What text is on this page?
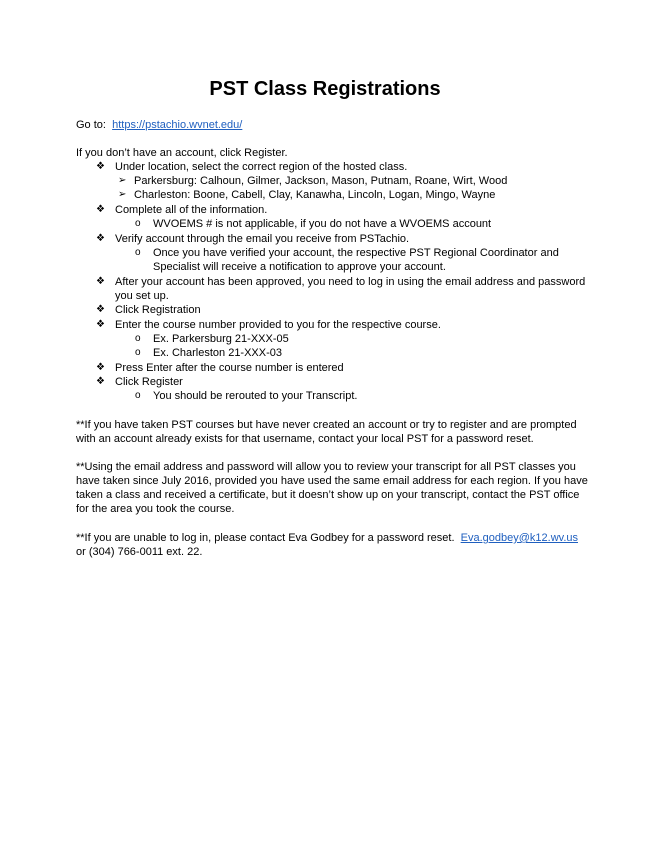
PST Class Registrations
Go to: https://pstachio.wvnet.edu/
If you don’t have an account, click Register.
❖ Under location, select the correct region of the hosted class.
➢ Parkersburg: Calhoun, Gilmer, Jackson, Mason, Putnam, Roane, Wirt, Wood
➢ Charleston: Boone, Cabell, Clay, Kanawha, Lincoln, Logan, Mingo, Wayne
❖ Complete all of the information.
o WVOEMS # is not applicable, if you do not have a WVOEMS account
❖ Verify account through the email you receive from PSTachio.
o Once you have verified your account, the respective PST Regional Coordinator and
Specialist will receive a notification to approve your account.
❖ After your account has been approved, you need to log in using the email address and password
you set up.
❖ Click Registration
❖ Enter the course number provided to you for the respective course.
o Ex. Parkersburg 21-XXX-05
o Ex. Charleston 21-XXX-03
❖ Press Enter after the course number is entered
❖ Click Register
o You should be rerouted to your Transcript.
**If you have taken PST courses but have never created an account or try to register and are prompted
with an account already exists for that username, contact your local PST for a password reset.
**Using the email address and password will allow you to review your transcript for all PST classes you
have taken since July 2016, provided you have used the same email address for each region. If you have
taken a class and received a certificate, but it doesn’t show up on your transcript, contact the PST office
for the area you took the course.
**If you are unable to log in, please contact Eva Godbey for a password reset. Eva.godbey@k12.wv.us
or (304) 766-0011 ext. 22.
